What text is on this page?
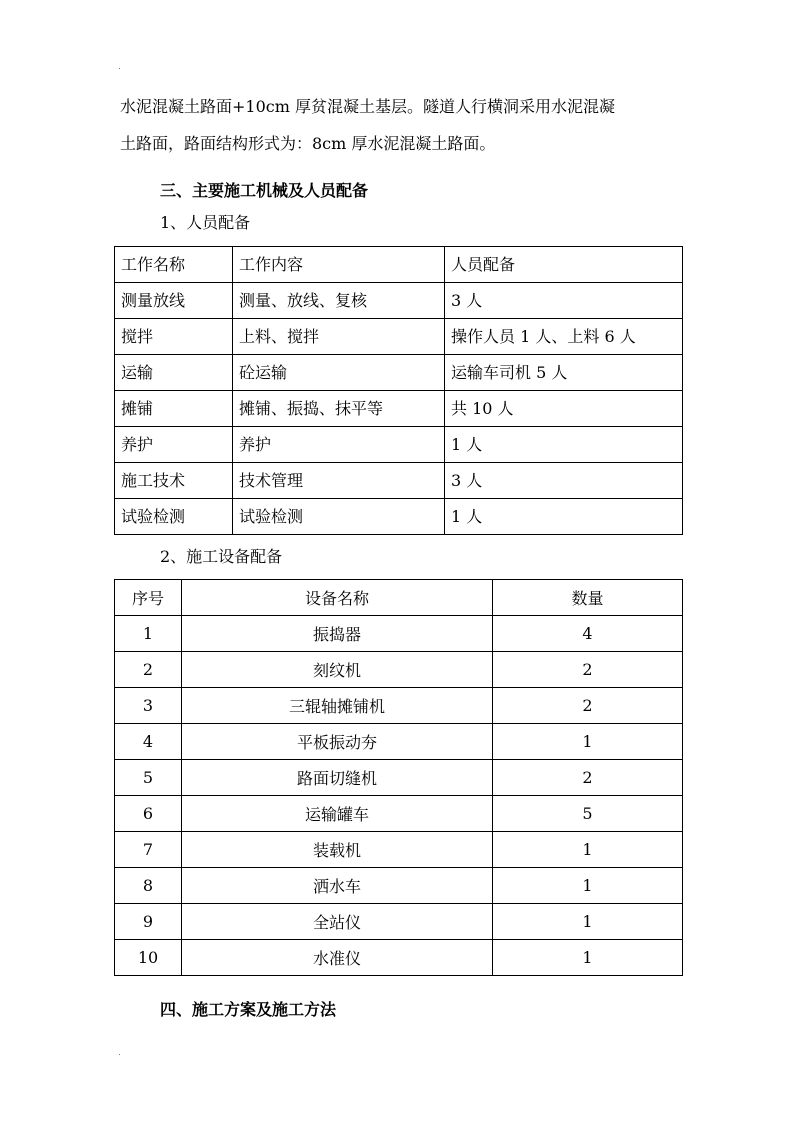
水泥混凝土路面+10cm 厚贫混凝土基层。隧道人行横洞采用水泥混凝
土路面，路面结构形式为：8cm 厚水泥混凝土路面。
三、主要施工机械及人员配备
1、人员配备
工作名称	工作内容	人员配备
测量放线	测量、放线、复核	3 人
搅拌	上料、搅拌	操作人员 1 人、上料 6 人
运输	砼运输	运输车司机 5 人
摊铺	摊铺、振捣、抹平等	共 10 人
养护	养护	1 人
施工技术	技术管理	3 人
试验检测	试验检测	1 人
2、施工设备配备
序号	设备名称	数量
1	振捣器	4
2	刻纹机	2
3	三辊轴摊铺机	2
4	平板振动夯	1
5	路面切缝机	2
6	运输罐车	5
7	装载机	1
8	洒水车	1
9	全站仪	1
10	水准仪	1
四、施工方案及施工方法
